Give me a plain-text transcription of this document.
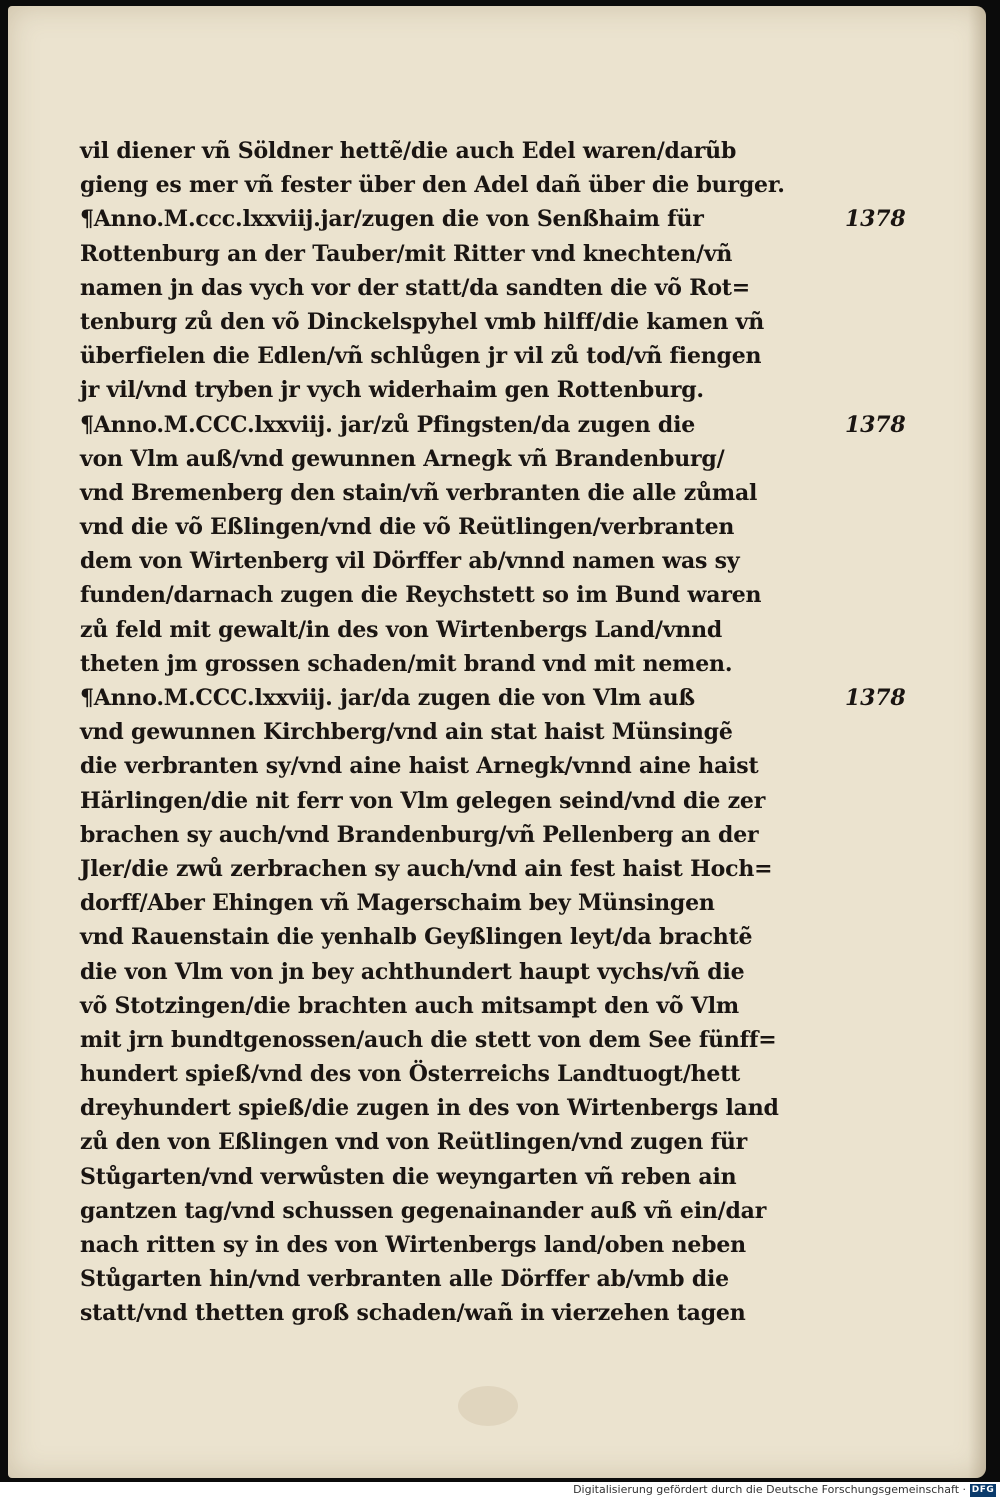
vil diener vñ Söldner hettẽ/die auch Edel waren/darũb
gieng es mer vñ fester über den Adel dañ über die burger.
¶Anno.M.ccc.lxxviij.jar/zugen die von Senßhaim für	1378
Rottenburg an der Tauber/mit Ritter vnd knechten/vñ
namen jn das vych vor der statt/da sandten die võ Rot=
tenburg zů den võ Dinckelspyhel vmb hilff/die kamen vñ
überfielen die Edlen/vñ schlůgen jr vil zů tod/vñ fiengen
jr vil/vnd tryben jr vych widerhaim gen Rottenburg.
¶Anno.M.CCC.lxxviij. jar/zů Pfingsten/da zugen die	1378
von Vlm auß/vnd gewunnen Arnegk vñ Brandenburg/
vnd Bremenberg den stain/vñ verbranten die alle zůmal
vnd die võ Eßlingen/vnd die võ Reütlingen/verbranten
dem von Wirtenberg vil Dörffer ab/vnnd namen was sy
funden/darnach zugen die Reychstett so im Bund waren
zů feld mit gewalt/in des von Wirtenbergs Land/vnnd
theten jm grossen schaden/mit brand vnd mit nemen.
¶Anno.M.CCC.lxxviij. jar/da zugen die von Vlm auß	1378
vnd gewunnen Kirchberg/vnd ain stat haist Münsingẽ
die verbranten sy/vnd aine haist Arnegk/vnnd aine haist
Härlingen/die nit ferr von Vlm gelegen seind/vnd die zer
brachen sy auch/vnd Brandenburg/vñ Pellenberg an der
Jler/die zwů zerbrachen sy auch/vnd ain fest haist Hoch=
dorff/Aber Ehingen vñ Magerschaim bey Münsingen
vnd Rauenstain die yenhalb Geyßlingen leyt/da brachtẽ
die von Vlm von jn bey achthundert haupt vychs/vñ die
võ Stotzingen/die brachten auch mitsampt den võ Vlm
mit jrn bundtgenossen/auch die stett von dem See fünff=
hundert spieß/vnd des von Österreichs Landtuogt/hett
dreyhundert spieß/die zugen in des von Wirtenbergs land
zů den von Eßlingen vnd von Reütlingen/vnd zugen für
Stůgarten/vnd verwůsten die weyngarten vñ reben ain
gantzen tag/vnd schussen gegenainander auß vñ ein/dar
nach ritten sy in des von Wirtenbergs land/oben neben
Stůgarten hin/vnd verbranten alle Dörffer ab/vmb die
statt/vnd thetten groß schaden/wañ in vierzehen tagen
Digitalisierung gefördert durch die Deutsche Forschungsgemeinschaft · DFG
